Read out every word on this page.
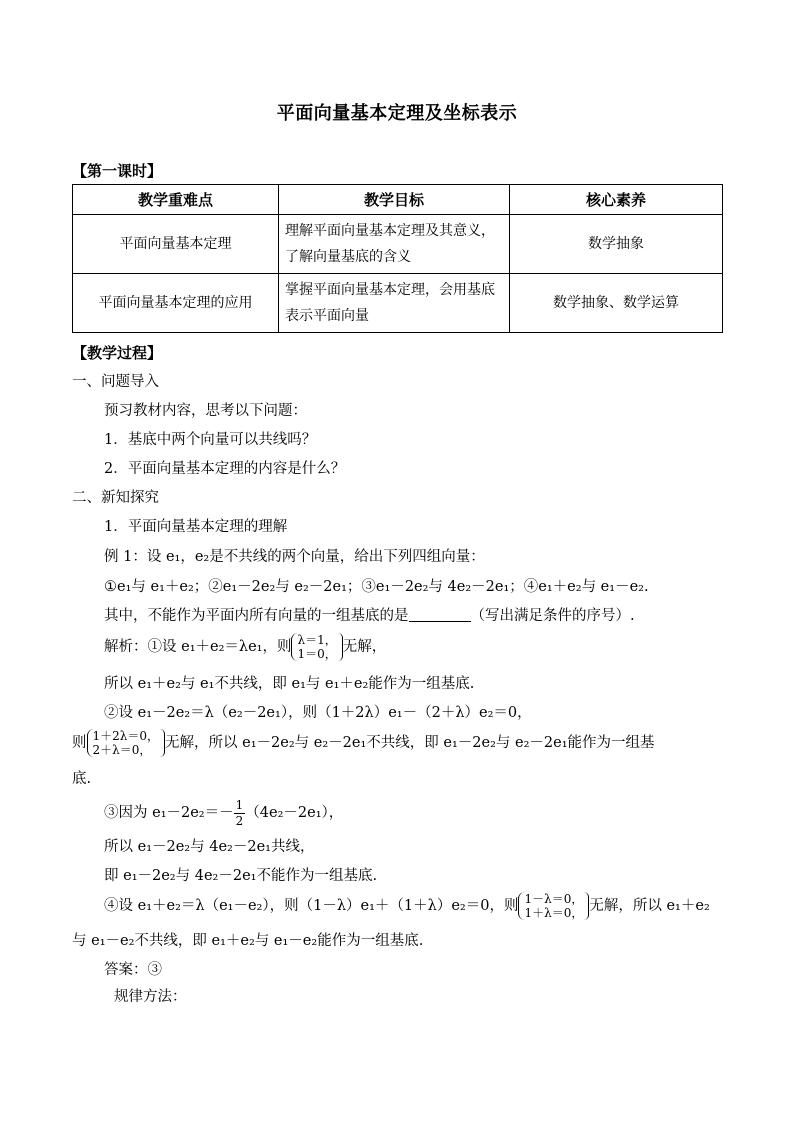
平面向量基本定理及坐标表示
【第一课时】
教学重难点	教学目标	核心素养
平面向量基本定理	理解平面向量基本定理及其意义，了解向量基底的含义	数学抽象
平面向量基本定理的应用	掌握平面向量基本定理，会用基底表示平面向量	数学抽象、数学运算
【教学过程】
一、问题导入
预习教材内容，思考以下问题：
1．基底中两个向量可以共线吗？
2．平面向量基本定理的内容是什么？
二、新知探究
1．平面向量基本定理的理解
例 1：设 e₁，e₂是不共线的两个向量，给出下列四组向量：
①e₁与 e₁＋e₂；②e₁－2e₂与 e₂－2e₁；③e₁－2e₂与 4e₂－2e₁；④e₁＋e₂与 e₁－e₂.
其中，不能作为平面内所有向量的一组基底的是	（写出满足条件的序号）.
解析：①设 e₁＋e₂＝λe₁，则 λ＝1，
1＝0， 无解，
所以 e₁＋e₂与 e₁不共线，即 e₁与 e₁＋e₂能作为一组基底.
②设 e₁－2e₂＝λ（e₂－2e₁），则（1＋2λ）e₁－（2＋λ）e₂＝0，
则 1＋2λ＝0，
2＋λ＝0， 无解，所以 e₁－2e₂与 e₂－2e₁不共线，即 e₁－2e₂与 e₂－2e₁能作为一组基
底.
③因为 $e_1-2e_2=- \frac{1}{2} (4e_2-2e_1)$，
所以 e₁－2e₂与 4e₂－2e₁共线，
即 e₁－2e₂与 4e₂－2e₁不能作为一组基底.
④设 e₁＋e₂＝λ（e₁－e₂），则（1－λ）e₁＋（1＋λ）e₂＝0，则 1－λ＝0，
1＋λ＝0， 无解，所以 e₁＋e₂
与 e₁－e₂不共线，即 e₁＋e₂与 e₁－e₂能作为一组基底.
答案：③
规律方法：
